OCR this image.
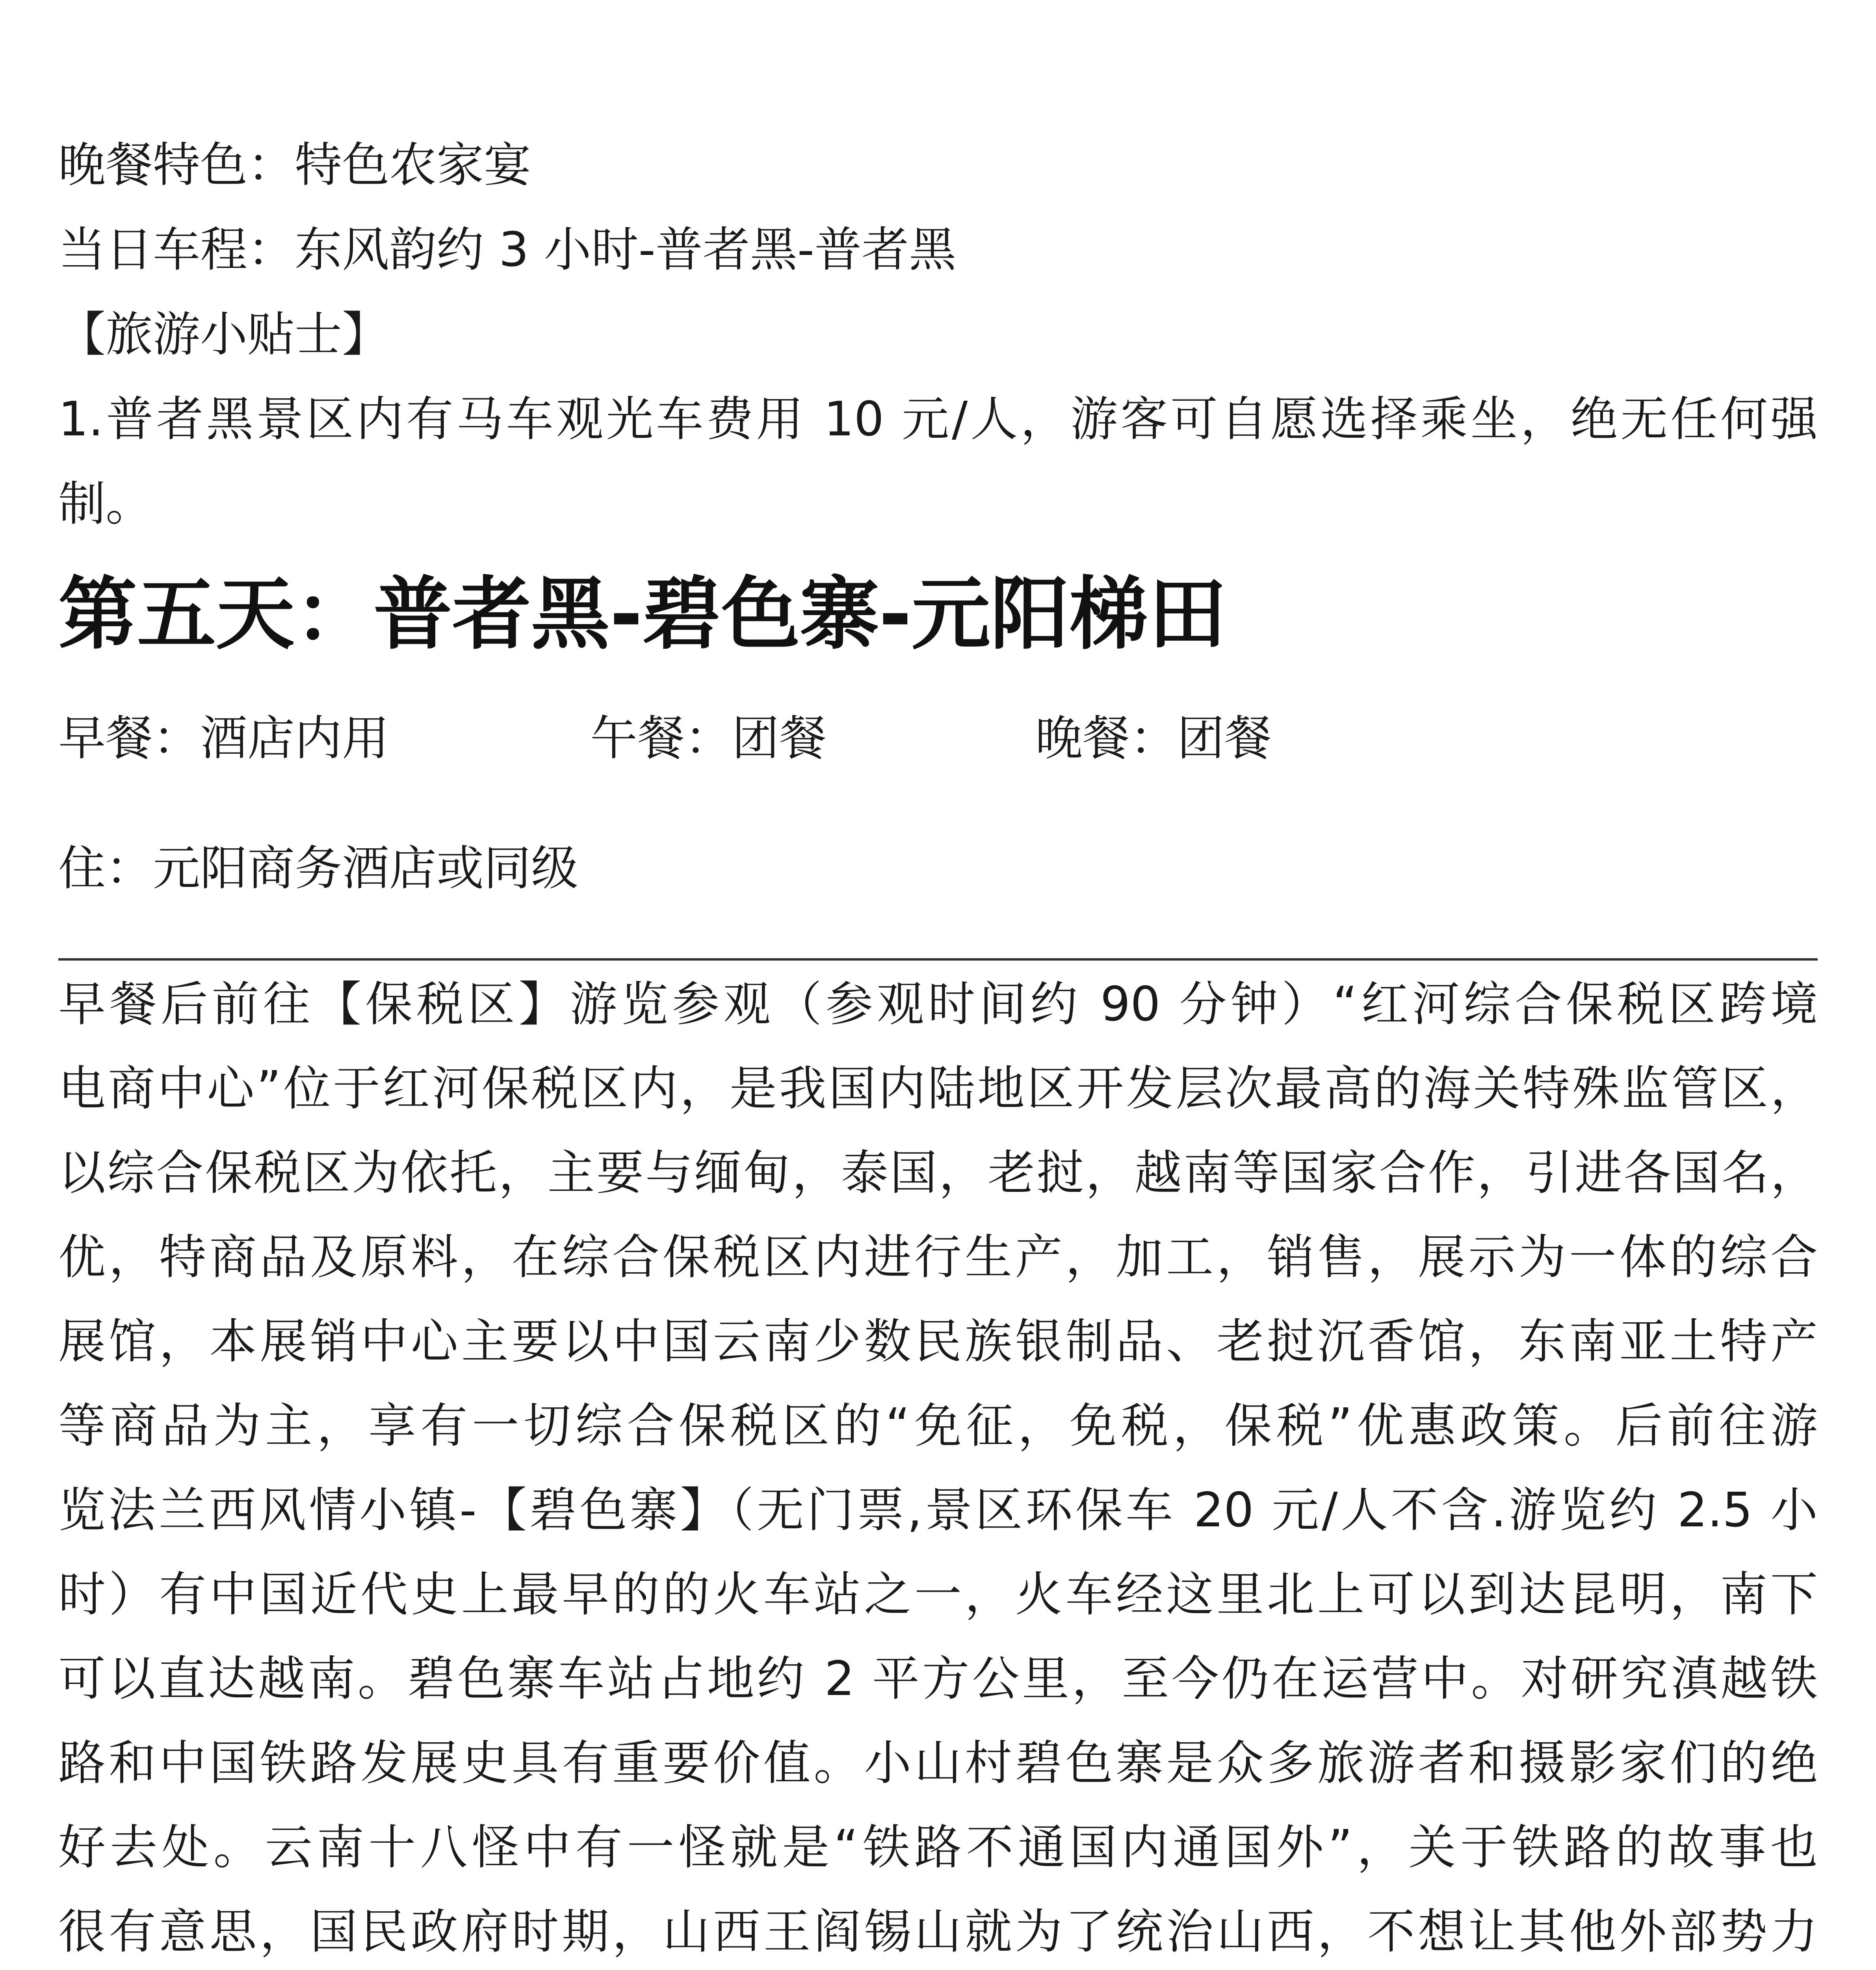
晚餐特色：特色农家宴
当日车程：东风韵约 3 小时-普者黑-普者黑
【旅游小贴士】
1.普者黑景区内有马车观光车费用 10 元/人，游客可自愿选择乘坐，绝无任何强
制。
第五天：普者黑-碧色寨-元阳梯田
早餐：酒店内用	午餐：团餐	晚餐：团餐
住：元阳商务酒店或同级
早餐后前往【保税区】游览参观（参观时间约 90 分钟）“红河综合保税区跨境
电商中心”位于红河保税区内，是我国内陆地区开发层次最高的海关特殊监管区，
以综合保税区为依托，主要与缅甸，泰国，老挝，越南等国家合作，引进各国名，
优，特商品及原料，在综合保税区内进行生产，加工，销售，展示为一体的综合
展馆，本展销中心主要以中国云南少数民族银制品、老挝沉香馆，东南亚土特产
等商品为主，享有一切综合保税区的“免征，免税，保税”优惠政策。后前往游
览法兰西风情小镇-【碧色寨】（无门票,景区环保车 20 元/人不含.游览约 2.5 小
时）有中国近代史上最早的的火车站之一，火车经这里北上可以到达昆明，南下
可以直达越南。碧色寨车站占地约 2 平方公里，至今仍在运营中。对研究滇越铁
路和中国铁路发展史具有重要价值。小山村碧色寨是众多旅游者和摄影家们的绝
好去处。云南十八怪中有一怪就是“铁路不通国内通国外”，关于铁路的故事也
很有意思，国民政府时期，山西王阎锡山就为了统治山西，不想让其他外部势力
